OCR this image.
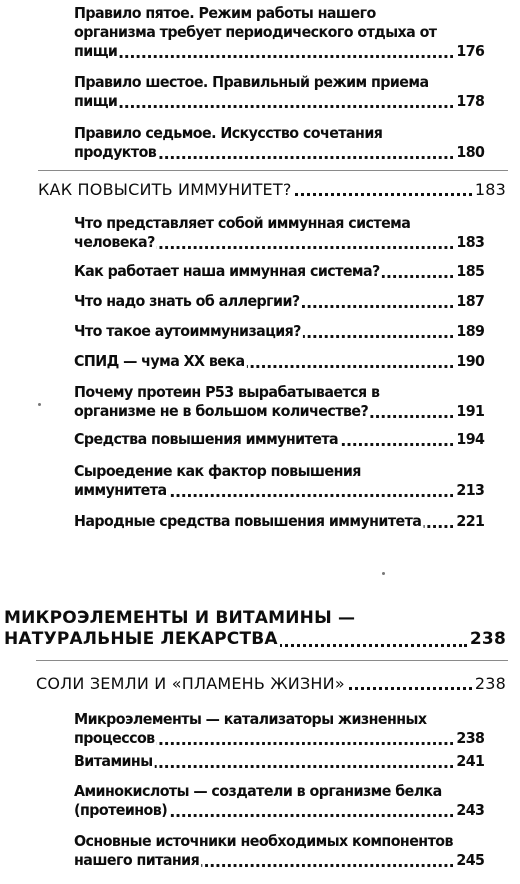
Правило пятое. Режим работы нашего организма требует периодического отдыха от пищи	176
Правило шестое. Правильный режим приема пищи	178
Правило седьмое. Искусство сочетания продуктов	180
КАК ПОВЫСИТЬ ИММУНИТЕТ?	183
Что представляет собой иммунная система человека?	183
Как работает наша иммунная система?	185
Что надо знать об аллергии?	187
Что такое аутоиммунизация?	189
СПИД — чума XX века	190
Почему протеин P53 вырабатывается в организме не в большом количестве?	191
Средства повышения иммунитета	194
Сыроедение как фактор повышения иммунитета	213
Народные средства повышения иммунитета	221
МИКРОЭЛЕМЕНТЫ И ВИТАМИНЫ — НАТУРАЛЬНЫЕ ЛЕКАРСТВА	238
СОЛИ ЗЕМЛИ И «ПЛАМЕНЬ ЖИЗНИ»	238
Микроэлементы — катализаторы жизненных процессов	238
Витамины	241
Аминокислоты — создатели в организме белка (протеинов)	243
Основные источники необходимых компонентов нашего питания	245
